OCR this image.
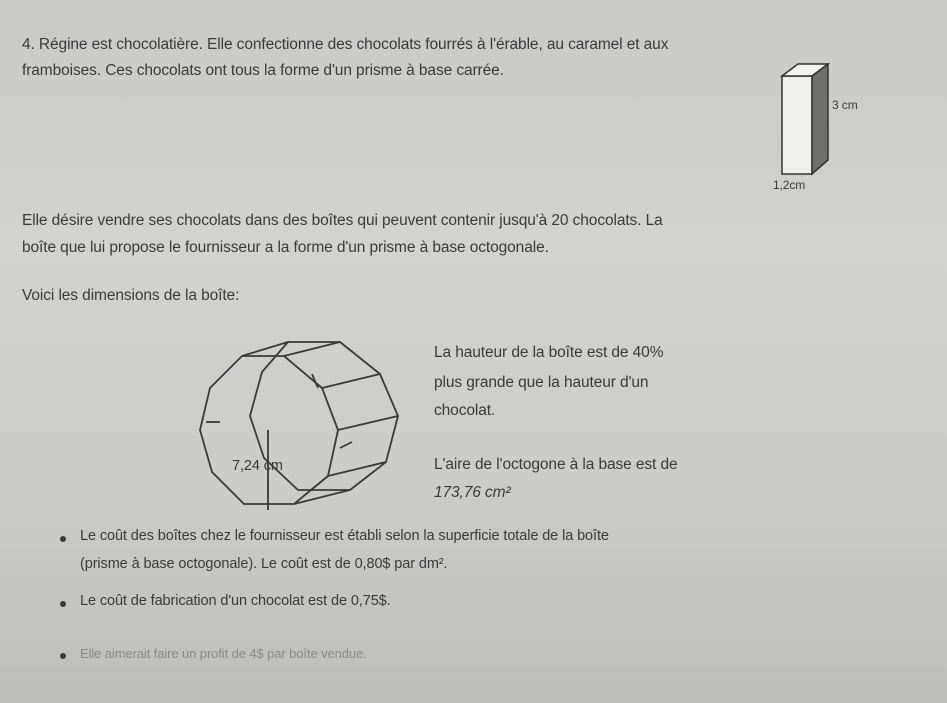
4. Régine est chocolatière. Elle confectionne des chocolats fourrés à l'érable, au caramel et aux
framboises. Ces chocolats ont tous la forme d'un prisme à base carrée.
3 cm
1,2cm
Elle désire vendre ses chocolats dans des boîtes qui peuvent contenir jusqu'à 20 chocolats. La
boîte que lui propose le fournisseur a la forme d'un prisme à base octogonale.
Voici les dimensions de la boîte:
7,24 cm
La hauteur de la boîte est de 40%
plus grande que la hauteur d'un
chocolat.
L'aire de l'octogone à la base est de
173,76 cm²
Le coût des boîtes chez le fournisseur est établi selon la superficie totale de la boîte
(prisme à base octogonale). Le coût est de 0,80$ par dm².
Le coût de fabrication d'un chocolat est de 0,75$.
Elle aimerait faire un profit de 4$ par boîte vendue.
